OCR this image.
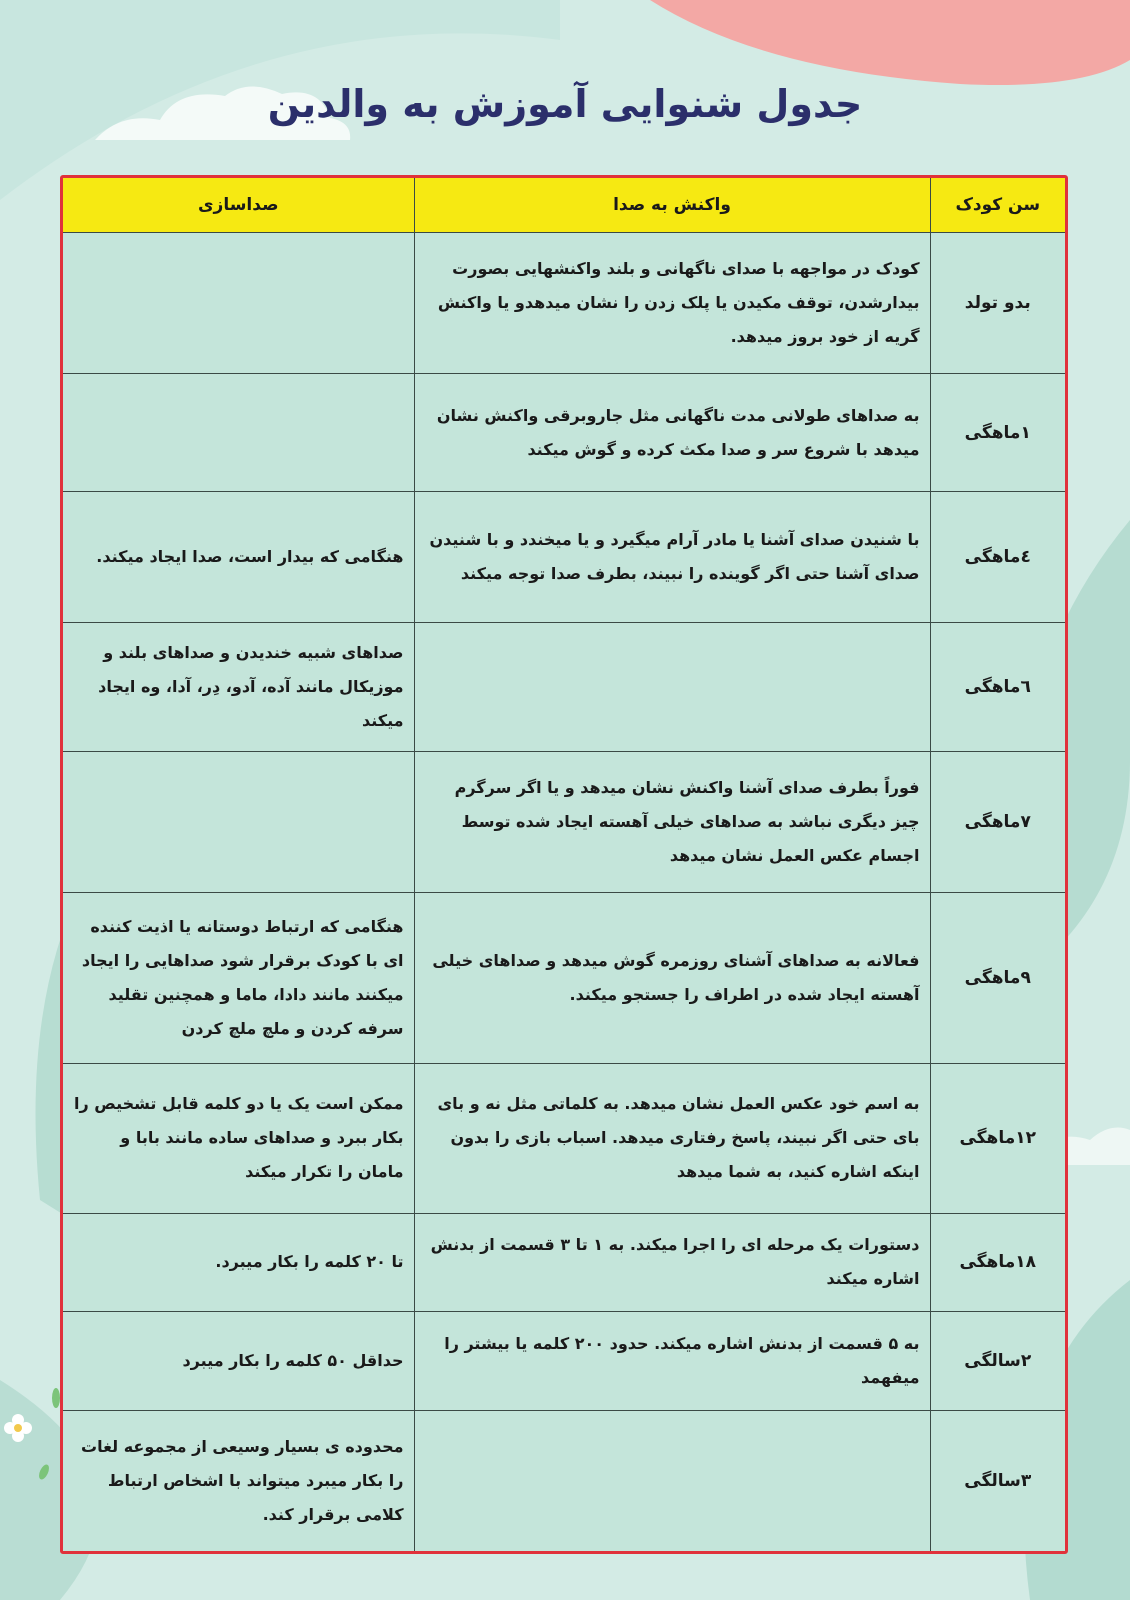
جدول شنوایی آموزش به والدین
سن کودک	واکنش به صدا	صداسازی
بدو تولد	کودک در مواجهه با صدای ناگهانی و بلند واکنشهایی بصورت بیدارشدن، توقف مکیدن یا پلک زدن را نشان میدهدو یا واکنش گریه از خود بروز میدهد.	
۱ماهگی	به صداهای طولانی مدت ناگهانی مثل جاروبرقی واکنش نشان میدهد با شروع سر و صدا مکث کرده و گوش میکند	
٤ماهگی	با شنیدن صدای آشنا یا مادر آرام میگیرد و یا میخندد و با شنیدن صدای آشنا حتی اگر گوینده را نبیند، بطرف صدا توجه میکند	هنگامی که بیدار است، صدا ایجاد میکند.
٦ماهگی		صداهای شبیه خندیدن و صداهای بلند و موزیکال مانند آده، آدو، دِر، آدا، وه ایجاد میکند
۷ماهگی	فوراً بطرف صدای آشنا واکنش نشان میدهد و یا اگر سرگرم چیز دیگری نباشد به صداهای خیلی آهسته ایجاد شده توسط اجسام عکس العمل نشان میدهد	
۹ماهگی	فعالانه به صداهای آشنای روزمره گوش میدهد و صداهای خیلی آهسته ایجاد شده در اطراف را جستجو میکند.	هنگامی که ارتباط دوستانه یا اذیت کننده ای با کودک برقرار شود صداهایی را ایجاد میکنند مانند دادا، ماما و همچنین تقلید سرفه کردن و ملچ ملچ کردن
۱۲ماهگی	به اسم خود عکس العمل نشان میدهد. به کلماتی مثل نه و بای بای حتی اگر نبیند، پاسخ رفتاری میدهد. اسباب بازی را بدون اینکه اشاره کنید، به شما میدهد	ممکن است یک یا دو کلمه قابل تشخیص را بکار ببرد و صداهای ساده مانند بابا و مامان را تکرار میکند
۱۸ماهگی	دستورات یک مرحله ای را اجرا میکند. به ۱ تا ۳ قسمت از بدنش اشاره میکند	تا ۲۰ کلمه را بکار میبرد.
۲سالگی	به ۵ قسمت از بدنش اشاره میکند. حدود ۲۰۰ کلمه یا بیشتر را میفهمد	حداقل ۵۰ کلمه را بکار میبرد
۳سالگی		محدوده ی بسیار وسیعی از مجموعه لغات را بکار میبرد میتواند با اشخاص ارتباط کلامی برقرار کند.
